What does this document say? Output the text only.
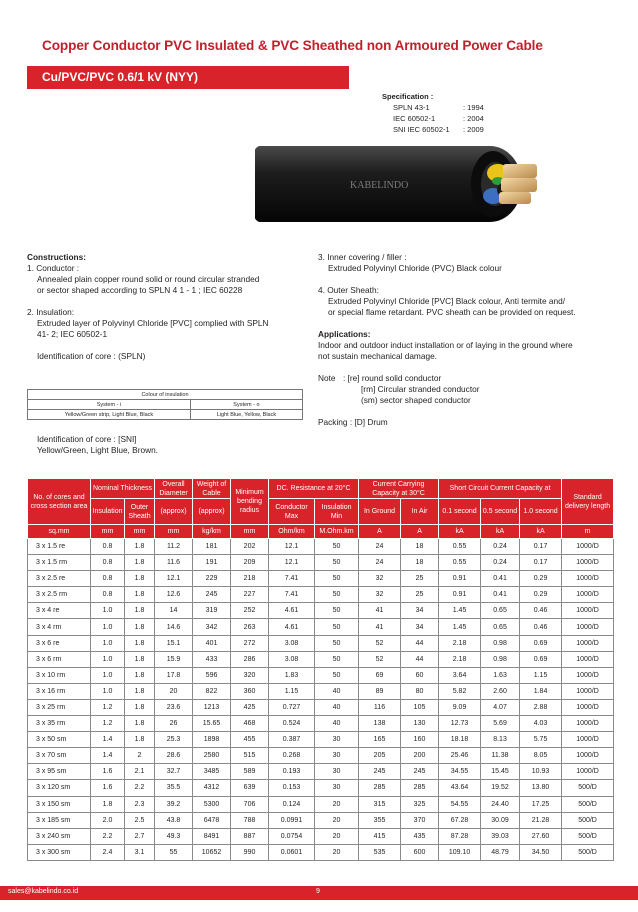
Copper Conductor PVC Insulated & PVC Sheathed non Armoured Power Cable
Cu/PVC/PVC 0.6/1 kV (NYY)
Specification :
SPLN 43-1	: 1994
IEC 60502-1	: 2004
SNI IEC 60502-1	: 2009
KABELINDO
Constructions:
1. Conductor :
Annealed plain copper round solid or round circular stranded
or sector shaped according to SPLN 4 1 - 1 ; IEC 60228
2. Insulation:
Extruded layer of Polyvinyl Chloride [PVC] complied with SPLN
41- 2; IEC 60502-1
Identification of core : (SPLN)
Colour of insulation	
System - i	System - o
Yellow/Green strip, Light Blue, Black	Light Blue, Yellow, Black
Identification of core : [SNI]
Yellow/Green, Light Blue, Brown.
3. Inner covering / filler :
Extruded Polyvinyl Chloride (PVC) Black colour
4. Outer Sheath:
Extruded Polyvinyl Chloride [PVC] Black colour, Anti termite and/
or special flame retardant. PVC sheath can be provided on request.
Applications:
Indoor and outdoor induct installation or of laying in the ground where
not sustain mechanical damage.
Note : [re] round solid conductor
[rm] Circular stranded conductor
(sm) sector shaped conductor
Packing : [D] Drum
No. of cores and cross section area	Nominal Thickness		Overall Diameter	Weight of Cable	Minimum bending radius	DC. Resistance at 20°C		Current Carrying Capacity at 30°C		Short Circuit Current Capacity at			Standard delivery length
	Insulation	Outer Sheath	(approx)	(approx)		Conductor Max	Insulation Min	In Ground	In Air	0.1 second	0.5 second	1.0 second	
sq.mm	mm	mm	mm	kg/km	mm	Ohm/km	M.Ohm.km	A	A	kA	kA	kA	m
3 x 1.5 re	0.8	1.8	11.2	181	202	12.1	50	24	18	0.55	0.24	0.17	1000/D
3 x 1.5 rm	0.8	1.8	11.6	191	209	12.1	50	24	18	0.55	0.24	0.17	1000/D
3 x 2.5 re	0.8	1.8	12.1	229	218	7.41	50	32	25	0.91	0.41	0.29	1000/D
3 x 2.5 rm	0.8	1.8	12.6	245	227	7.41	50	32	25	0.91	0.41	0.29	1000/D
3 x 4 re	1.0	1.8	14	319	252	4.61	50	41	34	1.45	0.65	0.46	1000/D
3 x 4 rm	1.0	1.8	14.6	342	263	4.61	50	41	34	1.45	0.65	0.46	1000/D
3 x 6 re	1.0	1.8	15.1	401	272	3.08	50	52	44	2.18	0.98	0.69	1000/D
3 x 6 rm	1.0	1.8	15.9	433	286	3.08	50	52	44	2.18	0.98	0.69	1000/D
3 x 10 rm	1.0	1.8	17.8	596	320	1.83	50	69	60	3.64	1.63	1.15	1000/D
3 x 16 rm	1.0	1.8	20	822	360	1.15	40	89	80	5.82	2.60	1.84	1000/D
3 x 25 rm	1.2	1.8	23.6	1213	425	0.727	40	116	105	9.09	4.07	2.88	1000/D
3 x 35 rm	1.2	1.8	26	15.65	468	0.524	40	138	130	12.73	5.69	4.03	1000/D
3 x 50 sm	1.4	1.8	25.3	1898	455	0.387	30	165	160	18.18	8.13	5.75	1000/D
3 x 70 sm	1.4	2	28.6	2580	515	0.268	30	205	200	25.46	11.38	8.05	1000/D
3 x 95 sm	1.6	2.1	32.7	3485	589	0.193	30	245	245	34.55	15.45	10.93	1000/D
3 x 120 sm	1.6	2.2	35.5	4312	639	0.153	30	285	285	43.64	19.52	13.80	500/D
3 x 150 sm	1.8	2.3	39.2	5300	706	0.124	20	315	325	54.55	24.40	17.25	500/D
3 x 185 sm	2.0	2.5	43.8	6478	788	0.0991	20	355	370	67.28	30.09	21.28	500/D
3 x 240 sm	2.2	2.7	49.3	8491	887	0.0754	20	415	435	87.28	39.03	27.60	500/D
3 x 300 sm	2.4	3.1	55	10652	990	0.0601	20	535	600	109.10	48.79	34.50	500/D
sales@kabelindo.co.id	9
